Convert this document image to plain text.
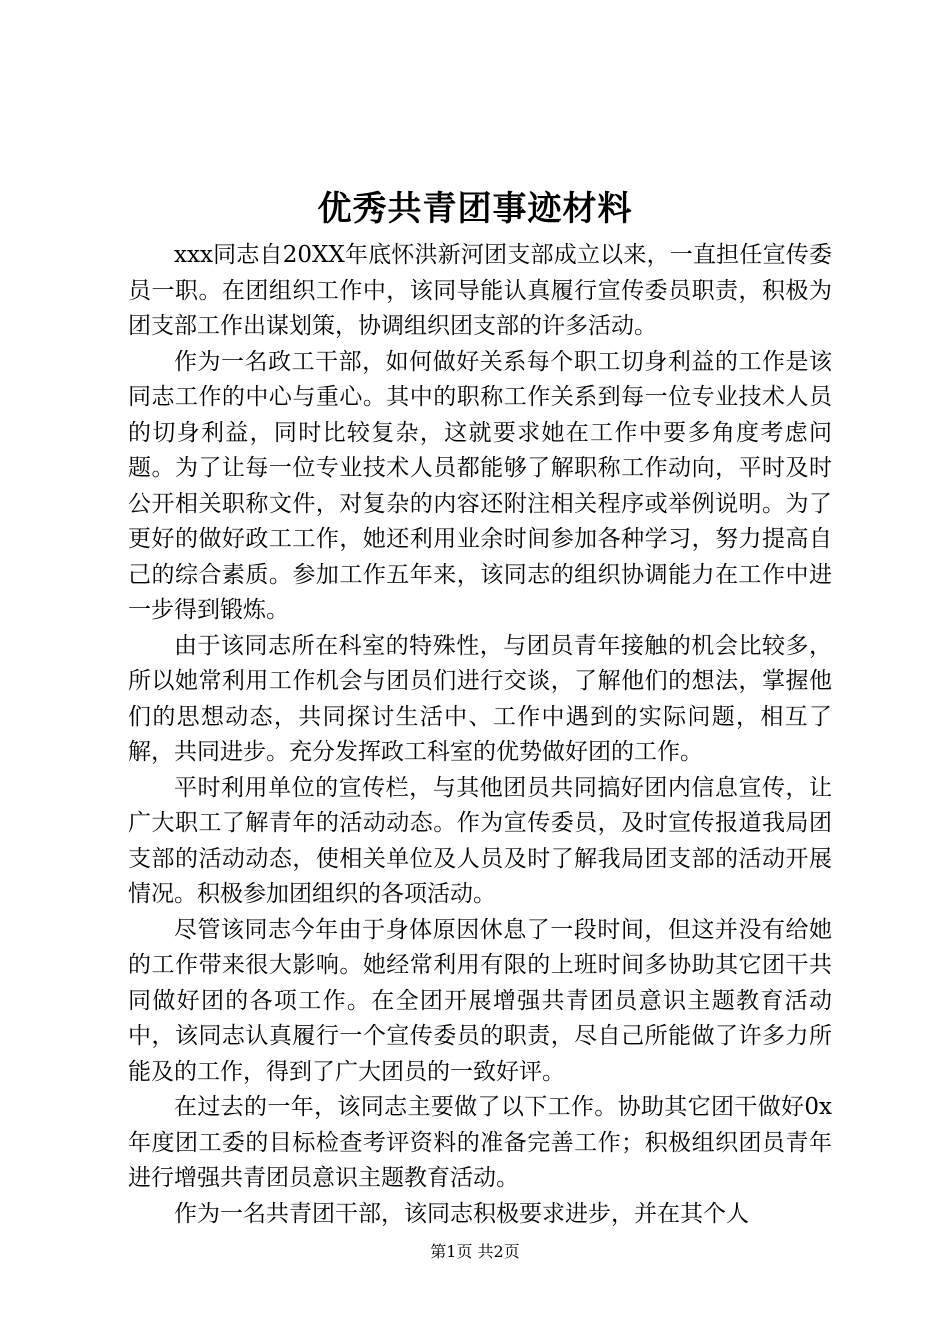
优秀共青团事迹材料

xxx同志自20XX年底怀洪新河团支部成立以来，一直担任宣传委员一职。在团组织工作中，该同导能认真履行宣传委员职责，积极为团支部工作出谋划策，协调组织团支部的许多活动。

作为一名政工干部，如何做好关系每个职工切身利益的工作是该同志工作的中心与重心。其中的职称工作关系到每一位专业技术人员的切身利益，同时比较复杂，这就要求她在工作中要多角度考虑问题。为了让每一位专业技术人员都能够了解职称工作动向，平时及时公开相关职称文件，对复杂的内容还附注相关程序或举例说明。为了更好的做好政工工作，她还利用业余时间参加各种学习，努力提高自己的综合素质。参加工作五年来，该同志的组织协调能力在工作中进一步得到锻炼。

由于该同志所在科室的特殊性，与团员青年接触的机会比较多，所以她常利用工作机会与团员们进行交谈，了解他们的想法，掌握他们的思想动态，共同探讨生活中、工作中遇到的实际问题，相互了解，共同进步。充分发挥政工科室的优势做好团的工作。

平时利用单位的宣传栏，与其他团员共同搞好团内信息宣传，让广大职工了解青年的活动动态。作为宣传委员，及时宣传报道我局团支部的活动动态，使相关单位及人员及时了解我局团支部的活动开展情况。积极参加团组织的各项活动。

尽管该同志今年由于身体原因休息了一段时间，但这并没有给她的工作带来很大影响。她经常利用有限的上班时间多协助其它团干共同做好团的各项工作。在全团开展增强共青团员意识主题教育活动中，该同志认真履行一个宣传委员的职责，尽自己所能做了许多力所能及的工作，得到了广大团员的一致好评。

在过去的一年，该同志主要做了以下工作。协助其它团干做好0x年度团工委的目标检查考评资料的准备完善工作；积极组织团员青年进行增强共青团员意识主题教育活动。

作为一名共青团干部，该同志积极要求进步，并在其个人

第1页 共2页
